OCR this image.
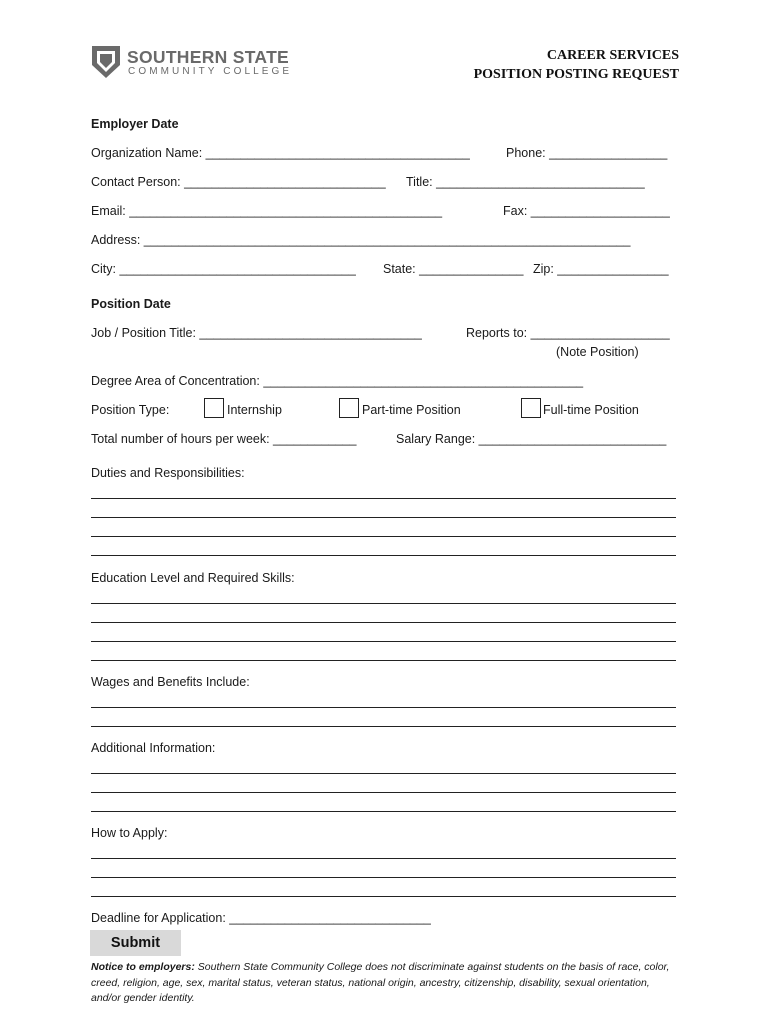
SOUTHERN STATE
COMMUNITY COLLEGE
CAREER SERVICES
POSITION POSTING REQUEST
Employer Date
Organization Name: ______________________________________	Phone: _________________
Contact Person: _____________________________ Title: ______________________________
Email: _____________________________________________	Fax: ____________________
Address: ______________________________________________________________________
City: __________________________________ State: _______________ Zip: ________________
Position Date
Job / Position Title: ________________________________	Reports to: ____________________
(Note Position)
Degree Area of Concentration: ______________________________________________
Position Type:	Internship	Part-time Position	Full-time Position
Total number of hours per week: ____________	Salary Range: ___________________________
Duties and Responsibilities:
Education Level and Required Skills:
Wages and Benefits Include:
Additional Information:
How to Apply:
Deadline for Application: _____________________________
Submit
Notice to employers: Southern State Community College does not discriminate against students on the basis of race, color, creed, religion, age, sex, marital status, veteran status, national origin, ancestry, citizenship, disability, sexual orientation, and/or gender identity.
